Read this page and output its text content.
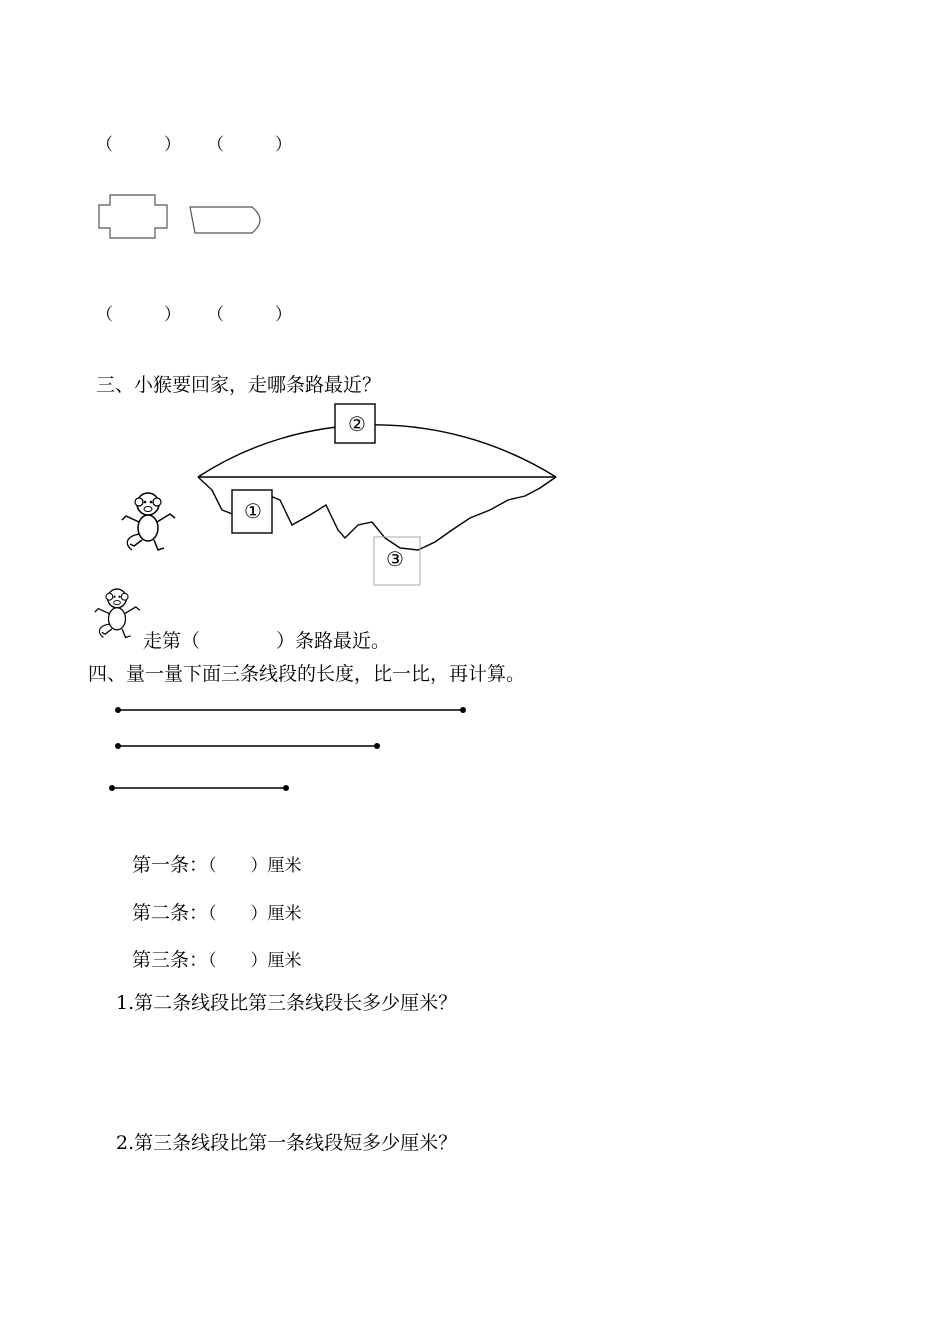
（　　　） （　　　）
（　　　） （　　　）
三、小猴要回家，走哪条路最近？
②
①
③
走第（	）条路最近。
四、量一量下面三条线段的长度，比一比，再计算。
第一条：（　　）厘米
第二条：（　　）厘米
第三条：（　　）厘米
1.第二条线段比第三条线段长多少厘米？
2.第三条线段比第一条线段短多少厘米？
